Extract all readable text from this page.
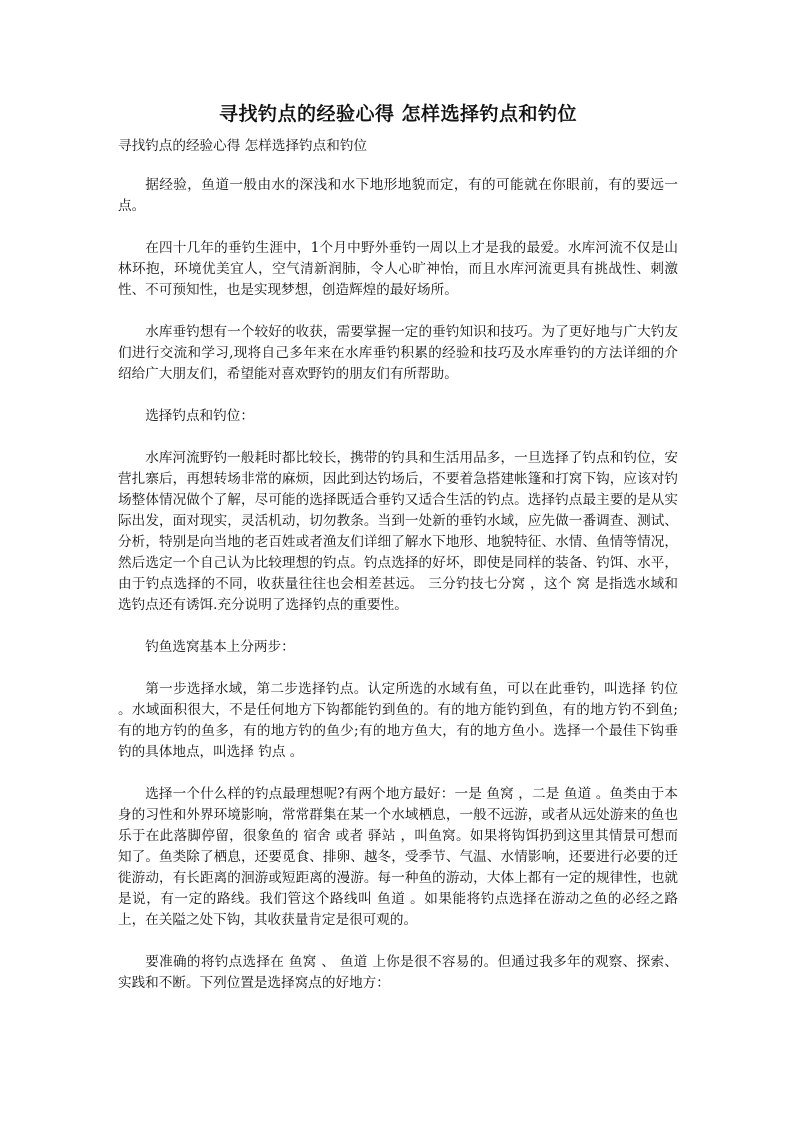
寻找钓点的经验心得 怎样选择钓点和钓位

寻找钓点的经验心得 怎样选择钓点和钓位

据经验，鱼道一般由水的深浅和水下地形地貌而定，有的可能就在你眼前，有的要远一点。

在四十几年的垂钓生涯中，1个月中野外垂钓一周以上才是我的最爱。水库河流不仅是山林环抱，环境优美宜人，空气清新润肺，令人心旷神怡，而且水库河流更具有挑战性、刺激性、不可预知性，也是实现梦想，创造辉煌的最好场所。

水库垂钓想有一个较好的收获，需要掌握一定的垂钓知识和技巧。为了更好地与广大钓友们进行交流和学习,现将自己多年来在水库垂钓积累的经验和技巧及水库垂钓的方法详细的介绍给广大朋友们，希望能对喜欢野钓的朋友们有所帮助。

选择钓点和钓位：

水库河流野钓一般耗时都比较长，携带的钓具和生活用品多，一旦选择了钓点和钓位，安营扎寨后，再想转场非常的麻烦，因此到达钓场后，不要着急搭建帐篷和打窝下钩，应该对钓场整体情况做个了解，尽可能的选择既适合垂钓又适合生活的钓点。选择钓点最主要的是从实际出发，面对现实，灵活机动，切勿教条。当到一处新的垂钓水域，应先做一番调查、测试、分析，特别是向当地的老百姓或者渔友们详细了解水下地形、地貌特征、水情、鱼情等情况，然后选定一个自己认为比较理想的钓点。钓点选择的好坏，即使是同样的装备、钓饵、水平，由于钓点选择的不同，收获量往往也会相差甚远。 三分钓技七分窝 ，这个 窝 是指选水域和选钓点还有诱饵.充分说明了选择钓点的重要性。

钓鱼选窝基本上分两步：

第一步选择水域，第二步选择钓点。认定所选的水域有鱼，可以在此垂钓，叫选择 钓位 。水域面积很大，不是任何地方下钩都能钓到鱼的。有的地方能钓到鱼，有的地方钓不到鱼;有的地方钓的鱼多，有的地方钓的鱼少;有的地方鱼大，有的地方鱼小。选择一个最佳下钩垂钓的具体地点，叫选择 钓点 。

选择一个什么样的钓点最理想呢?有两个地方最好：一是 鱼窝 ，二是 鱼道 。鱼类由于本身的习性和外界环境影响，常常群集在某一个水域栖息，一般不远游，或者从远处游来的鱼也乐于在此落脚停留，很象鱼的 宿舍 或者 驿站 ，叫鱼窝。如果将钩饵扔到这里其情景可想而知了。鱼类除了栖息，还要觅食、排卵、越冬，受季节、气温、水情影响，还要进行必要的迁徙游动，有长距离的洄游或短距离的漫游。每一种鱼的游动，大体上都有一定的规律性，也就是说，有一定的路线。我们管这个路线叫 鱼道 。如果能将钓点选择在游动之鱼的必经之路上，在关隘之处下钩，其收获量肯定是很可观的。

要准确的将钓点选择在 鱼窝 、 鱼道 上你是很不容易的。但通过我多年的观察、探索、实践和不断。下列位置是选择窝点的好地方：
